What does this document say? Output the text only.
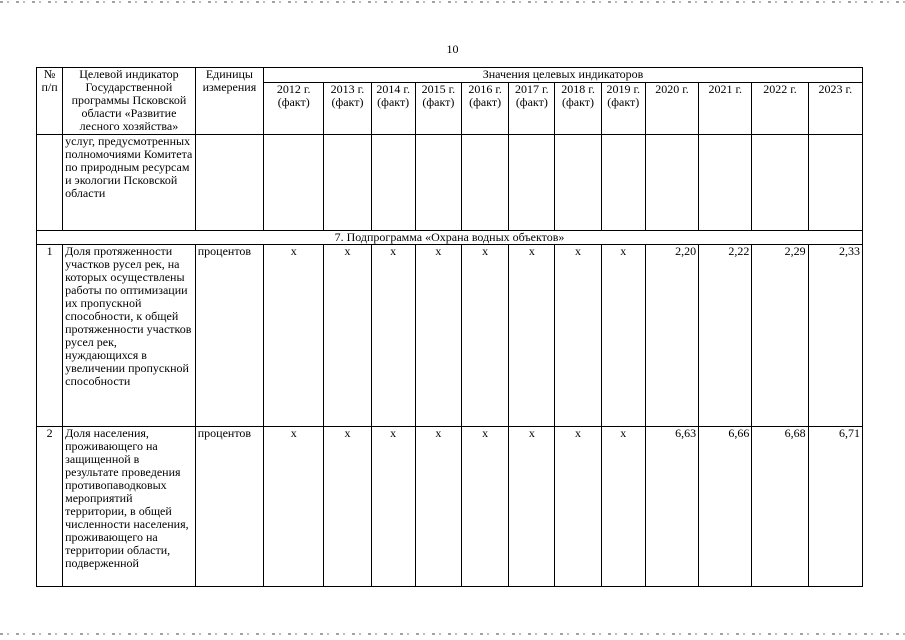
10
№ п/п	Целевой индикатор Государственной программы Псковской области «Развитие лесного хозяйства»	Единицы измерения	Значения целевых индикаторов											
			2012 г. (факт)	2013 г. (факт)	2014 г. (факт)	2015 г. (факт)	2016 г. (факт)	2017 г. (факт)	2018 г. (факт)	2019 г. (факт)	2020 г.	2021 г.	2022 г.	2023 г.
	услуг, предусмотренных полномочиями Комитета по природным ресурсам и экологии Псковской области													
7. Подпрограмма «Охрана водных объектов»														
1	Доля протяженности участков русел рек, на которых осуществлены работы по оптимизации их пропускной способности, к общей протяженности участков русел рек, нуждающихся в увеличении пропускной способности	процентов	x	x	x	x	x	x	x	x	2,20	2,22	2,29	2,33
2	Доля населения, проживающего на защищенной в результате проведения противопаводковых мероприятий территории, в общей численности населения, проживающего на территории области, подверженной	процентов	x	x	x	x	x	x	x	x	6,63	6,66	6,68	6,71
